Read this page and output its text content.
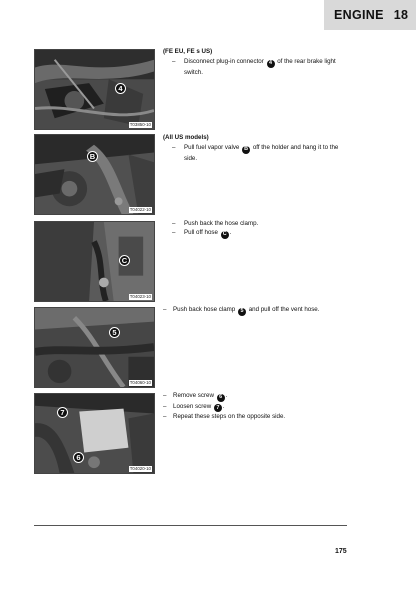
ENGINE 18
4
T03850-10
(FE EU, FE s US)
–	Disconnect plug-in connector 4 of the rear brake light switch.
B
T04022-10
(All US models)
–	Pull fuel vapor valve B off the holder and hang it to the side.
C
T04023-10
–	Push back the hose clamp.
–	Pull off hose C .
5
T04060-10
–	Push back hose clamp 5 and pull off the vent hose.
7
6
T04020-10
–	Remove screw 6 .
–	Loosen screw 7 .
–	Repeat these steps on the opposite side.
175
